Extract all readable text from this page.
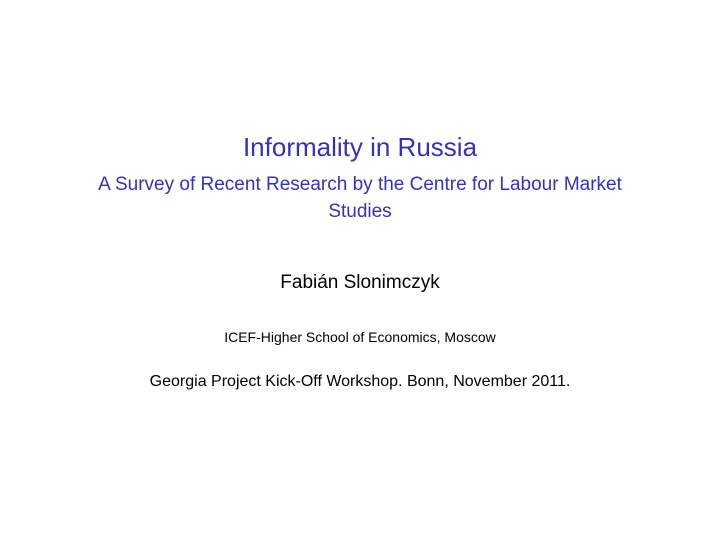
Informality in Russia
A Survey of Recent Research by the Centre for Labour Market Studies
Fabián Slonimczyk
ICEF-Higher School of Economics, Moscow
Georgia Project Kick-Off Workshop. Bonn, November 2011.
